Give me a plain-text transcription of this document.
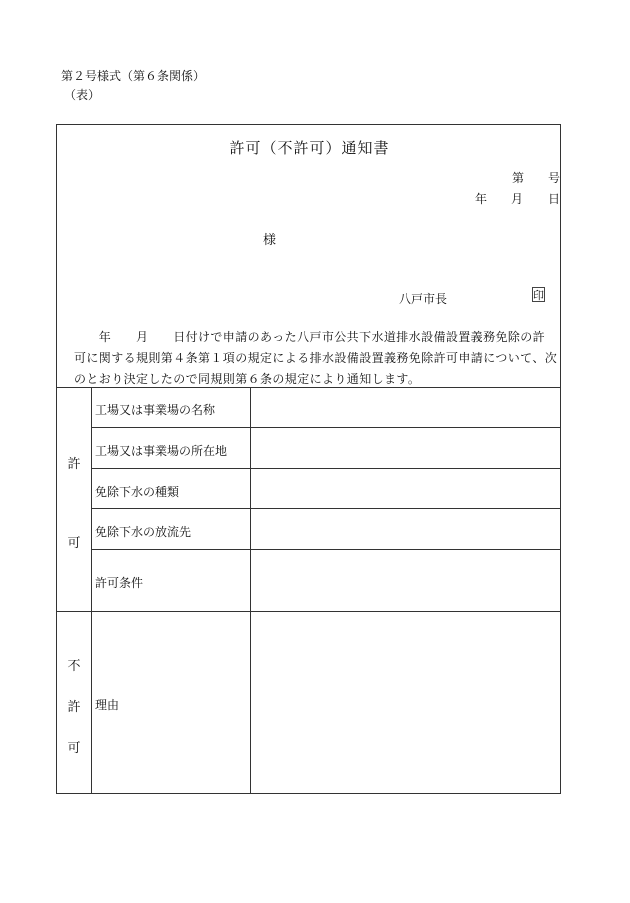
第２号様式（第６条関係）
（表）
許可（不許可）通知書
第 号
年 月 日
様
八戸市長	印

　　年　　月　　日付けで申請のあった八戸市公共下水道排水設備設置義務免除の許

可に関する規則第４条第１項の規定による排水設備設置義務免除許可申請について、次

のとおり決定したので同規則第６条の規定により通知します。

許
可
工場又は事業場の名称
工場又は事業場の所在地
免除下水の種類
免除下水の放流先
許可条件
不
許
可
理由
